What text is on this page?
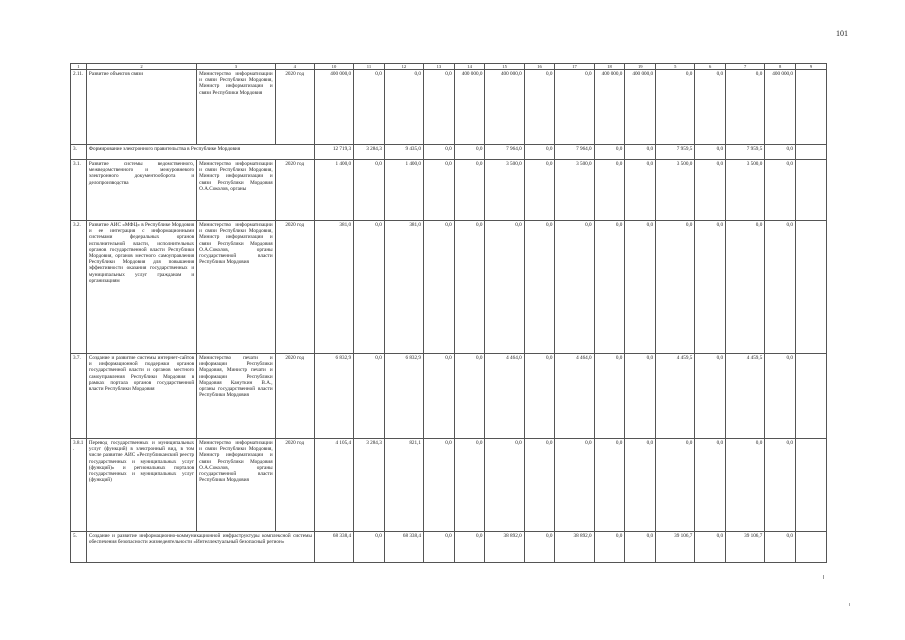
101
1	2	3	4	10	11	12	13	14	15	16	17	18	19	5	6	7	8	9
2.11.	Развитие объектов связи	Министерство информатизации и связи Республики Мордовия, Министр информатизации и связи Республики Мордовия	2020 год	400 000,0	0,0	0,0	0,0	400 000,0	400 000,0	0,0	0,0	400 000,0	400 000,0	0,0	0,0	0,0	400 000,0	
3.	Формирование электронного правительства в Республике Мордовия			12 719,3	3 284,3	9 435,0	0,0	0,0	7 964,0	0,0	7 964,0	0,0	0,0	7 959,5	0,0	7 959,5	0,0	
3.1.	Развитие системы ведомственного, межведомственного и межуровневого электронного документооборота и делопроизводства	Министерство информатизации и связи Республики Мордовия, Министр информатизации и связи Республики Мордовия О.А.Соколов, органы	2020 год	1 400,0	0,0	1 400,0	0,0	0,0	3 500,0	0,0	3 500,0	0,0	0,0	3 500,0	0,0	3 500,0	0,0	
3.2.	Развитие АИС «МФЦ» в Республике Мордовия и ее интеграция с информационными системами федеральных органов исполнительной власти, исполнительных органов государственной власти Республики Мордовия, органов местного самоуправления Республики Мордовия для повышения эффективности оказания государственных и муниципальных услуг гражданам и организациям	Министерство информатизации и связи Республики Мордовия, Министр информатизации и связи Республики Мордовия О.А.Соколов, органы государственной власти Республики Мордовия	2020 год	381,0	0,0	381,0	0,0	0,0	0,0	0,0	0,0	0,0	0,0	0,0	0,0	0,0	0,0	
3.7.	Создание и развитие системы интернет-сайтов и информационной поддержки органов государственной власти и органов местного самоуправления Республики Мордовия в рамках портала органов государственной власти Республики Мордовия	Министерство печати и информации Республики Мордовия, Министр печати и информации Республики Мордовия Кануткин В.А., органы государственной власти Республики Мордовия	2020 год	6 832,9	0,0	6 832,9	0,0	0,0	4 464,0	0,0	4 464,0	0,0	0,0	4 459,5	0,0	4 459,5	0,0	
3.8.1.	Перевод государственных и муниципальных услуг (функций) в электронный вид, в том числе развитие АИС «Республиканский реестр государственных и муниципальных услуг (функций)» и региональных порталов государственных и муниципальных услуг (функций)	Министерство информатизации и связи Республики Мордовия, Министр информатизации и связи Республики Мордовия О.А.Соколов, органы государственной власти Республики Мордовия	2020 год	4 105,4	3 284,3	821,1	0,0	0,0	0,0	0,0	0,0	0,0	0,0	0,0	0,0	0,0	0,0	
5.	Создание и развитие информационно-коммуникационной инфраструктуры комплексной системы обеспечения безопасности жизнедеятельности «Интеллектуальный безопасный регион»			68 338,4	0,0	68 338,4	0,0	0,0	38 892,0	0,0	38 892,0	0,0	0,0	39 106,7	0,0	39 106,7	0,0	
